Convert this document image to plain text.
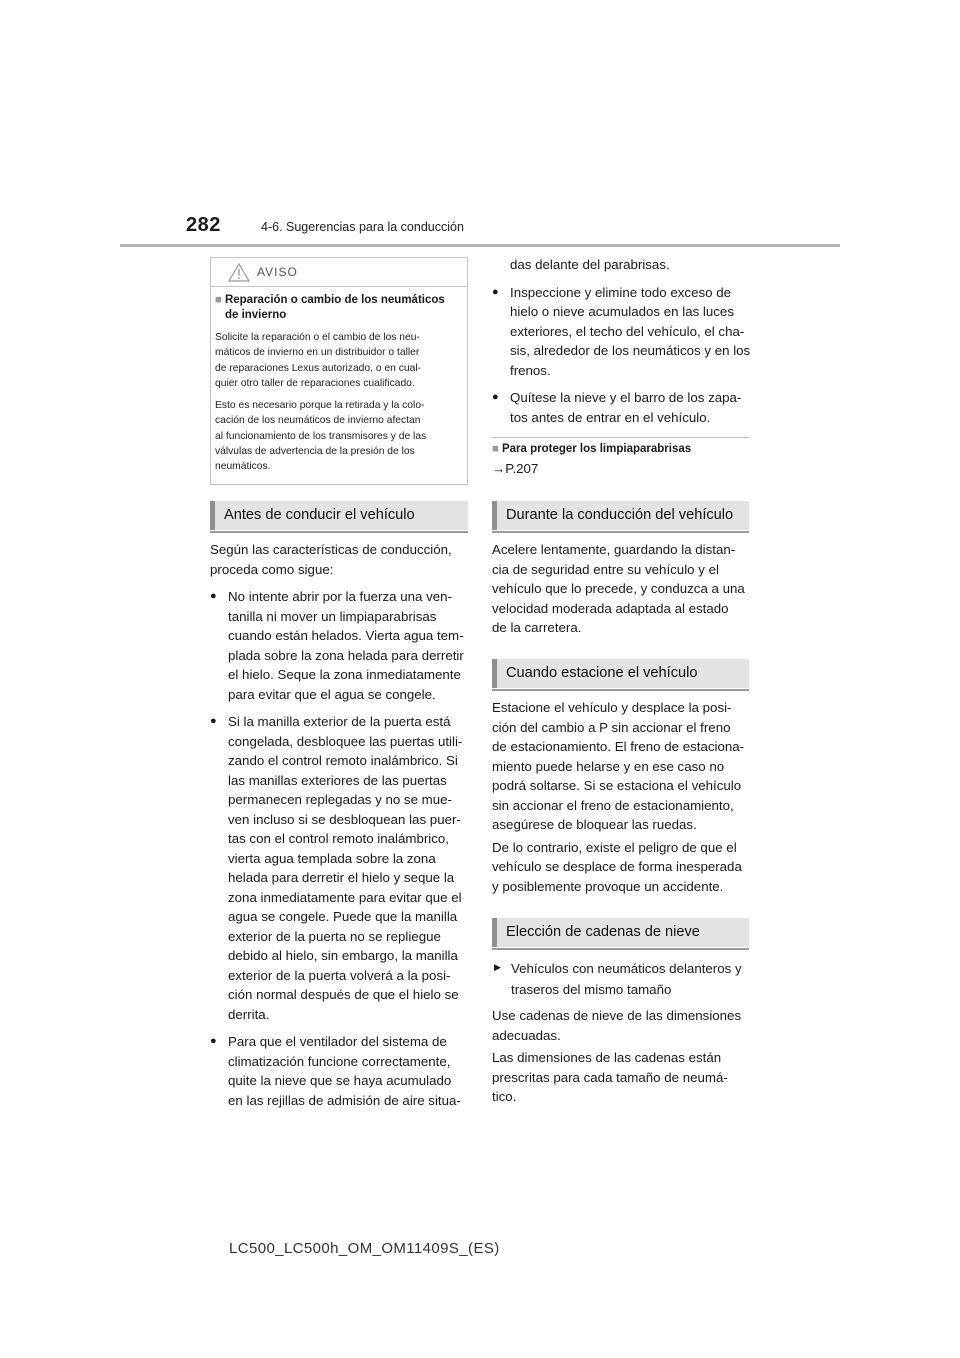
282	4-6. Sugerencias para la conducción
AVISO
■ Reparación o cambio de los neumáticos de invierno
Solicite la reparación o el cambio de los neu-
máticos de invierno en un distribuidor o taller
de reparaciones Lexus autorizado, o en cual-
quier otro taller de reparaciones cualificado.
Esto es necesario porque la retirada y la colo-
cación de los neumáticos de invierno afectan
al funcionamiento de los transmisores y de las
válvulas de advertencia de la presión de los
neumáticos.
Antes de conducir el vehículo

Según las características de conducción,
proceda como sigue:

● No intente abrir por la fuerza una ven-
tanilla ni mover un limpiaparabrisas
cuando están helados. Vierta agua tem-
plada sobre la zona helada para derretir
el hielo. Seque la zona inmediatamente
para evitar que el agua se congele.
● Si la manilla exterior de la puerta está
congelada, desbloquee las puertas utili-
zando el control remoto inalámbrico. Si
las manillas exteriores de las puertas
permanecen replegadas y no se mue-
ven incluso si se desbloquean las puer-
tas con el control remoto inalámbrico,
vierta agua templada sobre la zona
helada para derretir el hielo y seque la
zona inmediatamente para evitar que el
agua se congele. Puede que la manilla
exterior de la puerta no se repliegue
debido al hielo, sin embargo, la manilla
exterior de la puerta volverá a la posi-
ción normal después de que el hielo se
derrita.
● Para que el ventilador del sistema de
climatización funcione correctamente,
quite la nieve que se haya acumulado
en las rejillas de admisión de aire situa-
das delante del parabrisas.
● Inspeccione y elimine todo exceso de
hielo o nieve acumulados en las luces
exteriores, el techo del vehículo, el cha-
sis, alrededor de los neumáticos y en los
frenos.
● Quítese la nieve y el barro de los zapa-
tos antes de entrar en el vehículo.
■ Para proteger los limpiaparabrisas
→P.207
Durante la conducción del vehículo
Acelere lentamente, guardando la distan-
cia de seguridad entre su vehículo y el
vehículo que lo precede, y conduzca a una
velocidad moderada adaptada al estado
de la carretera.
Cuando estacione el vehículo

Estacione el vehículo y desplace la posi-
ción del cambio a P sin accionar el freno
de estacionamiento. El freno de estaciona-
miento puede helarse y en ese caso no
podrá soltarse. Si se estaciona el vehículo
sin accionar el freno de estacionamiento,
asegúrese de bloquear las ruedas.

De lo contrario, existe el peligro de que el
vehículo se desplace de forma inesperada
y posiblemente provoque un accidente.

Elección de cadenas de nieve
▶ Vehículos con neumáticos delanteros y
traseros del mismo tamaño

Use cadenas de nieve de las dimensiones
adecuadas.

Las dimensiones de las cadenas están
prescritas para cada tamaño de neumá-
tico.

LC500_LC500h_OM_OM11409S_(ES)
